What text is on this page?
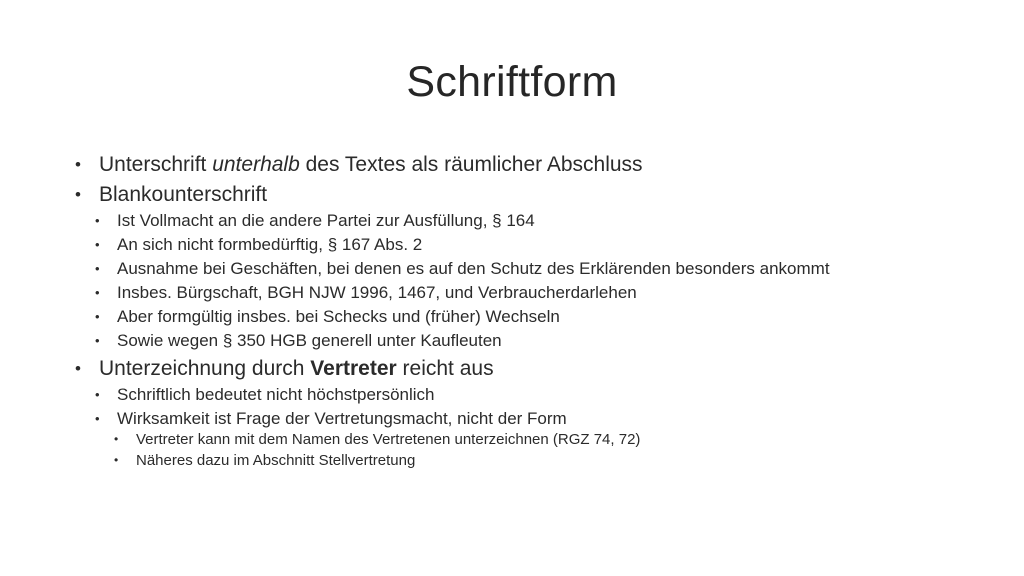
Schriftform
• Unterschrift unterhalb des Textes als räumlicher Abschluss
• Blankounterschrift
• Ist Vollmacht an die andere Partei zur Ausfüllung, § 164
• An sich nicht formbedürftig, § 167 Abs. 2
• Ausnahme bei Geschäften, bei denen es auf den Schutz des Erklärenden besonders ankommt
• Insbes. Bürgschaft, BGH NJW 1996, 1467, und Verbraucherdarlehen
• Aber formgültig insbes. bei Schecks und (früher) Wechseln
• Sowie wegen § 350 HGB generell unter Kaufleuten
• Unterzeichnung durch Vertreter reicht aus
• Schriftlich bedeutet nicht höchstpersönlich
• Wirksamkeit ist Frage der Vertretungsmacht, nicht der Form
• Vertreter kann mit dem Namen des Vertretenen unterzeichnen (RGZ 74, 72)
• Näheres dazu im Abschnitt Stellvertretung
